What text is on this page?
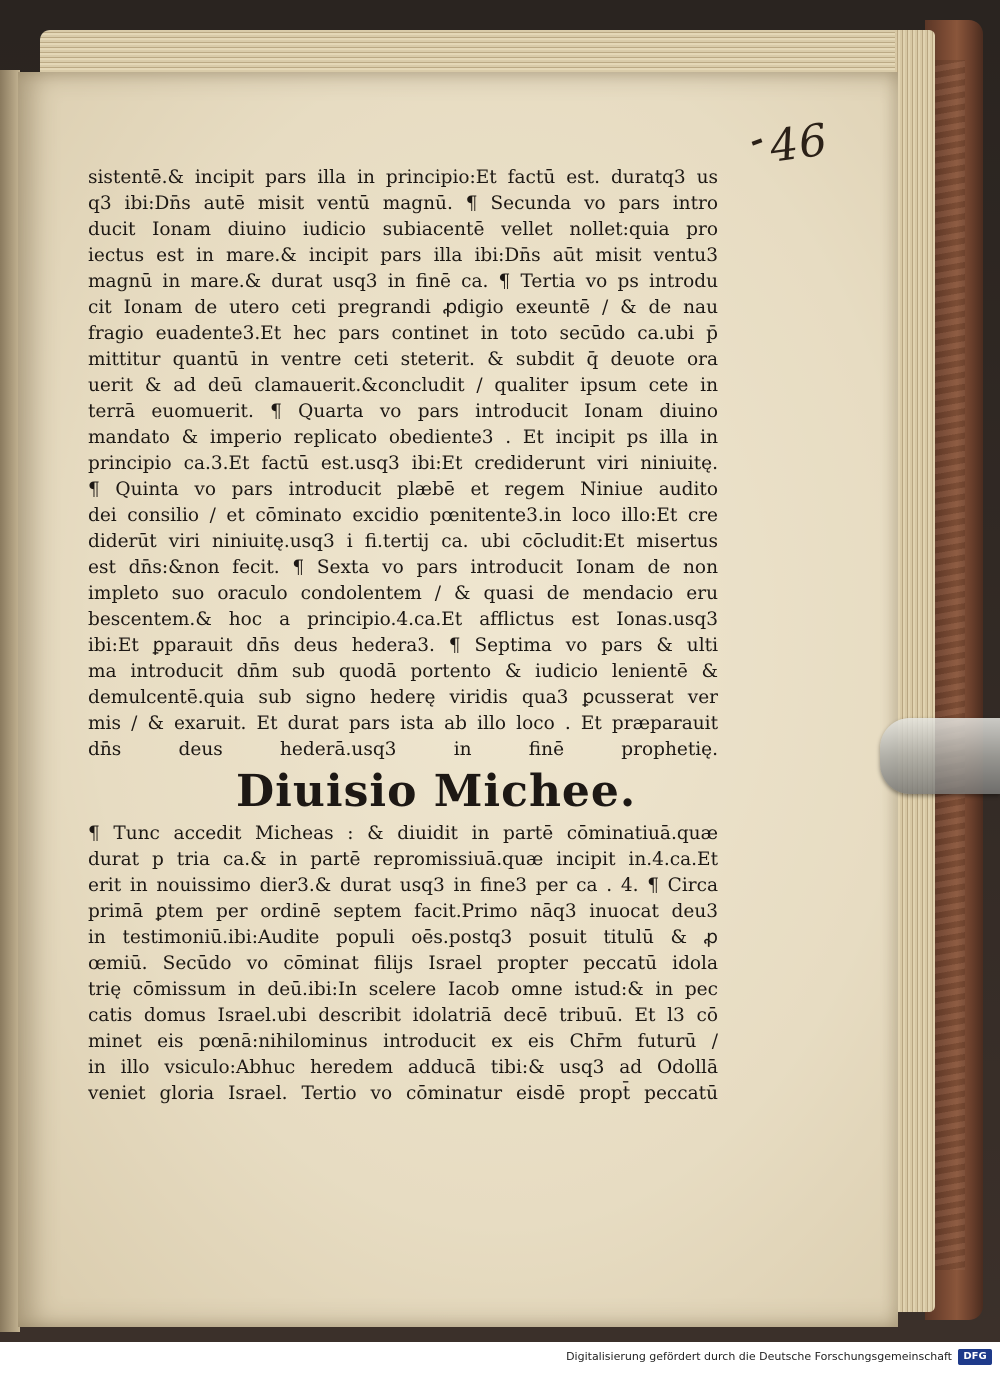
46
sistentē.& incipit pars illa in principio:Et factū est. duratq3 us
q3 ibi:Dn̄s autē misit ventū magnū. ¶ Secunda vo pars intro
ducit Ionam diuino iudicio subiacentē vellet nollet:quia pro
iectus est in mare.& incipit pars illa ibi:Dn̄s aūt misit ventu3
magnū in mare.& durat usq3 in finē ca. ¶ Tertia vo ps introdu
cit Ionam de utero ceti pregrandi ꝓdigio exeuntē / & de nau
fragio euadente3.Et hec pars continet in toto secūdo ca.ubi p̄
mittitur quantū in ventre ceti steterit. & subdit q̄ deuote ora
uerit & ad deū clamauerit.&concludit / qualiter ipsum cete in
terrā euomuerit. ¶ Quarta vo pars introducit Ionam diuino
mandato & imperio replicato obediente3 . Et incipit ps illa in
principio ca.3.Et factū est.usq3 ibi:Et crediderunt viri niniuitę.
¶ Quinta vo pars introducit plæbē et regem Niniue audito
dei consilio / et cōminato excidio pœnitente3.in loco illo:Et cre
diderūt viri niniuitę.usq3 i fi.tertij ca. ubi cōcludit:Et misertus
est dn̄s:&non fecit. ¶ Sexta vo pars introducit Ionam de non
impleto suo oraculo condolentem / & quasi de mendacio eru
bescentem.& hoc a principio.4.ca.Et afflictus est Ionas.usq3
ibi:Et ꝑparauit dn̄s deus hedera3. ¶ Septima vo pars & ulti
ma introducit dn̄m sub quodā portento & iudicio lenientē &
demulcentē.quia sub signo hederę viridis qua3 ꝑcusserat ver
mis / & exaruit. Et durat pars ista ab illo loco . Et præparauit
dn̄s deus hederā.usq3 in finē prophetię.
Diuisio Michee.
¶ Tunc accedit Micheas : & diuidit in partē cōminatiuā.quæ
durat p tria ca.& in partē repromissiuā.quæ incipit in.4.ca.Et
erit in nouissimo dier3.& durat usq3 in fine3 per ca . 4. ¶ Circa
primā ꝑtem per ordinē septem facit.Primo nāq3 inuocat deu3
in testimoniū.ibi:Audite populi oēs.postq3 posuit titulū & ꝓ
œmiū. Secūdo vo cōminat filijs Israel propter peccatū idola
trię cōmissum in deū.ibi:In scelere Iacob omne istud:& in pec
catis domus Israel.ubi describit idolatriā decē tribuū. Et l3 cō
minet eis pœnā:nihilominus introducit ex eis Chr̄m futurū /
in illo vsiculo:Abhuc heredem adducā tibi:& usq3 ad Odollā
veniet gloria Israel. Tertio vo cōminatur eisdē propt̄ peccatū
Digitalisierung gefördert durch die Deutsche Forschungsgemeinschaft	DFG
